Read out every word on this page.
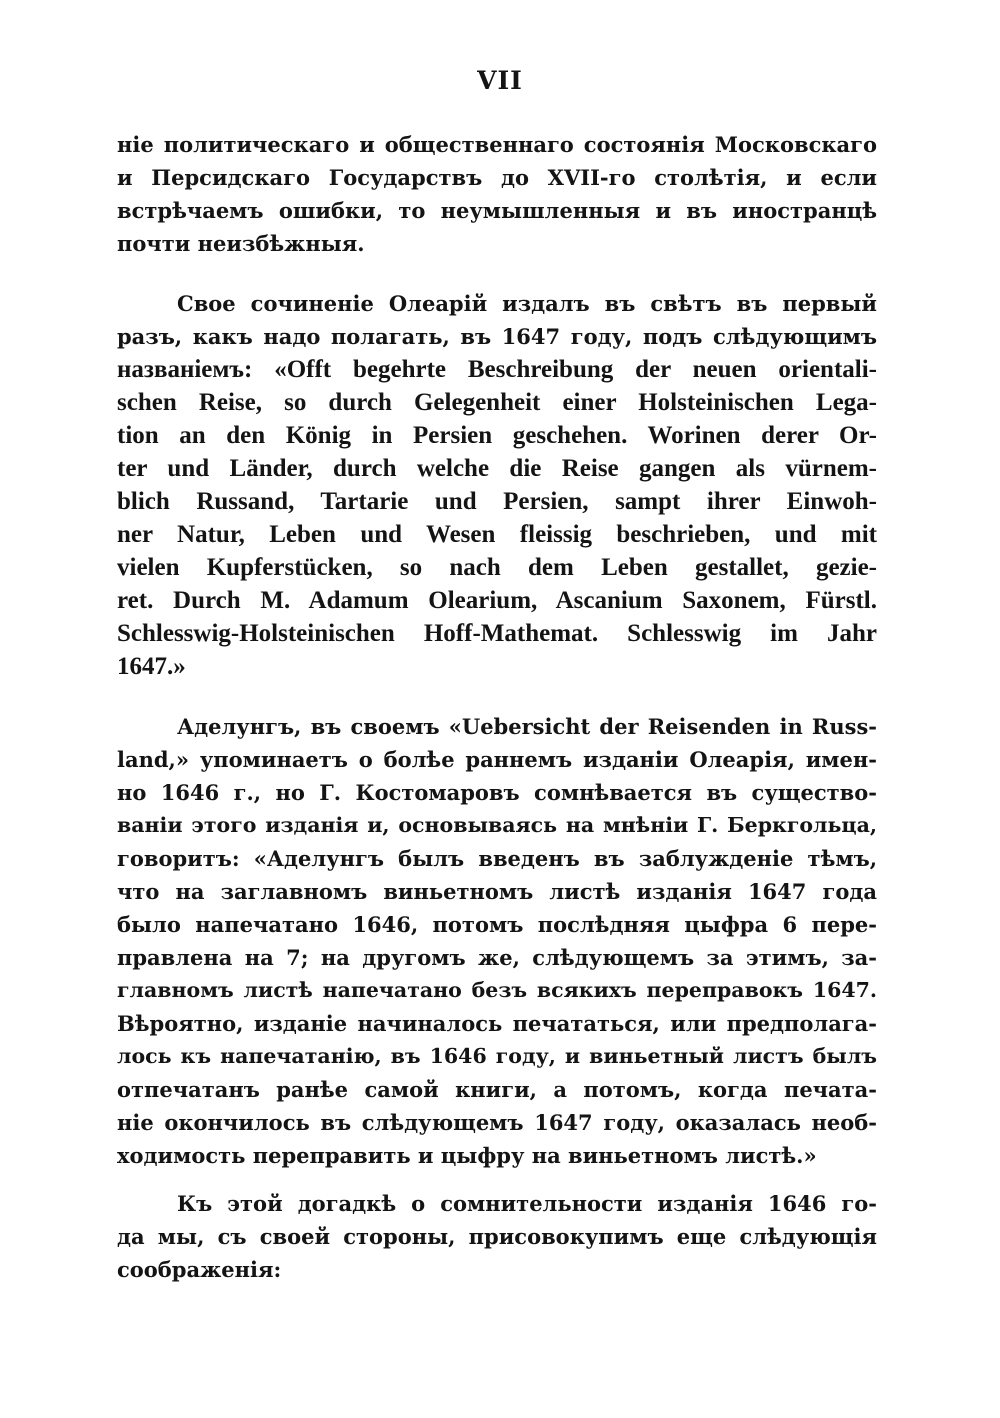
VII
ніе политическаго и общественнаго состоянія Московскаго
и Персидскаго Государствъ до XVII-го столѣтія, и если
встрѣчаемъ ошибки, то неумышленныя и въ иностранцѣ
почти неизбѣжныя.
Свое сочиненіе Олеарій издалъ въ свѣтъ въ первый
разъ, какъ надо полагать, въ 1647 году, подъ слѣдующимъ
названіемъ: «Offt begehrte Beschreibung der neuen orientali-
schen Reise, so durch Gelegenheit einer Holsteinischen Lega-
tion an den König in Persien geschehen. Worinen derer Or-
ter und Länder, durch welche die Reise gangen als vürnem-
blich Russand, Tartarie und Persien, sampt ihrer Einwoh-
ner Natur, Leben und Wesen fleissig beschrieben, und mit
vielen Kupferstücken, so nach dem Leben gestallet, gezie-
ret. Durch M. Adamum Olearium, Ascanium Saxonem, Fürstl.
Schlesswig-Holsteinischen Hoff-Mathemat. Schlesswig im Jahr
1647.»
Аделунгъ, въ своемъ «Uebersicht der Reisenden in Russ-
land,» упоминаетъ о болѣе раннемъ изданіи Олеарія, имен-
но 1646 г., но Г. Костомаровъ сомнѣвается въ существо-
ваніи этого изданія и, основываясь на мнѣніи Г. Беркгольца,
говоритъ: «Аделунгъ былъ введенъ въ заблужденіе тѣмъ,
что на заглавномъ виньетномъ листѣ изданія 1647 года
было напечатано 1646, потомъ послѣдняя цыфра 6 пере-
правлена на 7; на другомъ же, слѣдующемъ за этимъ, за-
главномъ листѣ напечатано безъ всякихъ переправокъ 1647.
Вѣроятно, изданіе начиналось печататься, или предполага-
лось къ напечатанію, въ 1646 году, и виньетный листъ былъ
отпечатанъ ранѣе самой книги, а потомъ, когда печата-
ніе окончилось въ слѣдующемъ 1647 году, оказалась необ-
ходимость переправить и цыфру на виньетномъ листѣ.»
Къ этой догадкѣ о сомнительности изданія 1646 го-
да мы, съ своей стороны, присовокупимъ еще слѣдующія
соображенія:
